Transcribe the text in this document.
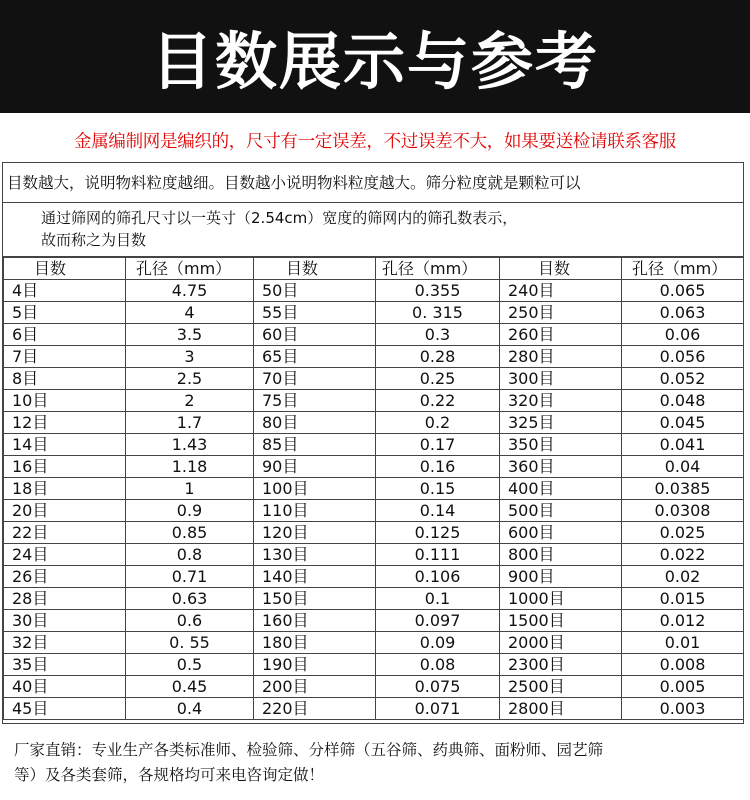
目数展示与参考
金属编制网是编织的，尺寸有一定误差，不过误差不大，如果要送检请联系客服
目数越大，说明物料粒度越细。目数越小说明物料粒度越大。筛分粒度就是颗粒可以
通过筛网的筛孔尺寸以一英寸（2.54cm）宽度的筛网内的筛孔数表示，
故而称之为目数
目数	孔径（mm）	目数	孔径（mm）	目数	孔径（mm）
4目	4.75	50目	0.355	240目	0.065
5目	4	55目	0. 315	250目	0.063
6目	3.5	60目	0.3	260目	0.06
7目	3	65目	0.28	280目	0.056
8目	2.5	70目	0.25	300目	0.052
10目	2	75目	0.22	320目	0.048
12目	1.7	80目	0.2	325目	0.045
14目	1.43	85目	0.17	350目	0.041
16目	1.18	90目	0.16	360目	0.04
18目	1	100目	0.15	400目	0.0385
20目	0.9	110目	0.14	500目	0.0308
22目	0.85	120目	0.125	600目	0.025
24目	0.8	130目	0.111	800目	0.022
26目	0.71	140目	0.106	900目	0.02
28目	0.63	150目	0.1	1000目	0.015
30目	0.6	160目	0.097	1500目	0.012
32目	0. 55	180目	0.09	2000目	0.01
35目	0.5	190目	0.08	2300目	0.008
40目	0.45	200目	0.075	2500目	0.005
45目	0.4	220目	0.071	2800目	0.003
厂家直销：专业生产各类标准师、检验筛、分样筛（五谷筛、药典筛、面粉师、园艺筛
等）及各类套筛，各规格均可来电咨询定做！
